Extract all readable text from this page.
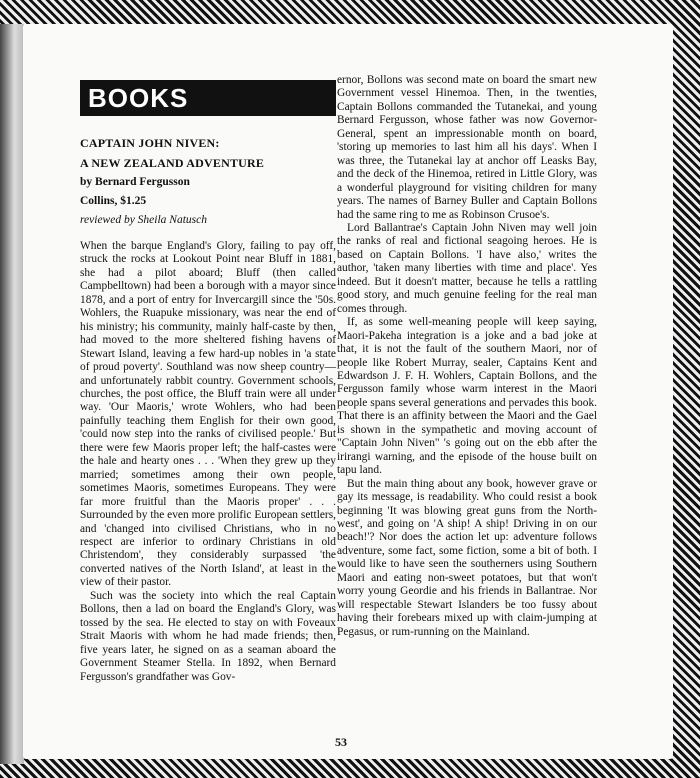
BOOKS
CAPTAIN JOHN NIVEN:
A NEW ZEALAND ADVENTURE
by Bernard Fergusson
Collins, $1.25
reviewed by Sheila Natusch

When the barque England's Glory, failing to pay off, struck the rocks at Lookout Point near Bluff in 1881, she had a pilot aboard; Bluff (then called Campbelltown) had been a borough with a mayor since 1878, and a port of entry for Invercargill since the '50s. Wohlers, the Ruapuke missionary, was near the end of his ministry; his community, mainly half-caste by then, had moved to the more sheltered fishing havens of Stewart Island, leaving a few hard-up nobles in 'a state of proud poverty'. Southland was now sheep country—and unfortunately rabbit country. Government schools, churches, the post office, the Bluff train were all under way. 'Our Maoris,' wrote Wohlers, who had been painfully teaching them English for their own good, 'could now step into the ranks of civilised people.' But there were few Maoris proper left; the half-castes were the hale and hearty ones . . . 'When they grew up they married; sometimes among their own people, sometimes Maoris, sometimes Europeans. They were far more fruitful than the Maoris proper' . . . Surrounded by the even more prolific European settlers, and 'changed into civilised Christians, who in no respect are inferior to ordinary Christians in old Christendom', they considerably surpassed 'the converted natives of the North Island', at least in the view of their pastor.

Such was the society into which the real Captain Bollons, then a lad on board the England's Glory, was tossed by the sea. He elected to stay on with Foveaux Strait Maoris with whom he had made friends; then, five years later, he signed on as a seaman aboard the Government Steamer Stella. In 1892, when Bernard Fergusson's grandfather was Gov-

ernor, Bollons was second mate on board the smart new Government vessel Hinemoa. Then, in the twenties, Captain Bollons commanded the Tutanekai, and young Bernard Fergusson, whose father was now Governor-General, spent an impressionable month on board, 'storing up memories to last him all his days'. When I was three, the Tutanekai lay at anchor off Leasks Bay, and the deck of the Hinemoa, retired in Little Glory, was a wonderful playground for visiting children for many years. The names of Barney Buller and Captain Bollons had the same ring to me as Robinson Crusoe's.

Lord Ballantrae's Captain John Niven may well join the ranks of real and fictional seagoing heroes. He is based on Captain Bollons. 'I have also,' writes the author, 'taken many liberties with time and place'. Yes indeed. But it doesn't matter, because he tells a rattling good story, and much genuine feeling for the real man comes through.

If, as some well-meaning people will keep saying, Maori-Pakeha integration is a joke and a bad joke at that, it is not the fault of the southern Maori, nor of people like Robert Murray, sealer, Captains Kent and Edwardson J. F. H. Wohlers, Captain Bollons, and the Fergusson family whose warm interest in the Maori people spans several generations and pervades this book. That there is an affinity between the Maori and the Gael is shown in the sympathetic and moving account of "Captain John Niven" 's going out on the ebb after the irirangi warning, and the episode of the house built on tapu land.

But the main thing about any book, however grave or gay its message, is readability. Who could resist a book beginning 'It was blowing great guns from the North-west', and going on 'A ship! A ship! Driving in on our beach!'? Nor does the action let up: adventure follows adventure, some fact, some fiction, some a bit of both. I would like to have seen the southerners using Southern Maori and eating non-sweet potatoes, but that won't worry young Geordie and his friends in Ballantrae. Nor will respectable Stewart Islanders be too fussy about having their forebears mixed up with claim-jumping at Pegasus, or rum-running on the Mainland.

53
